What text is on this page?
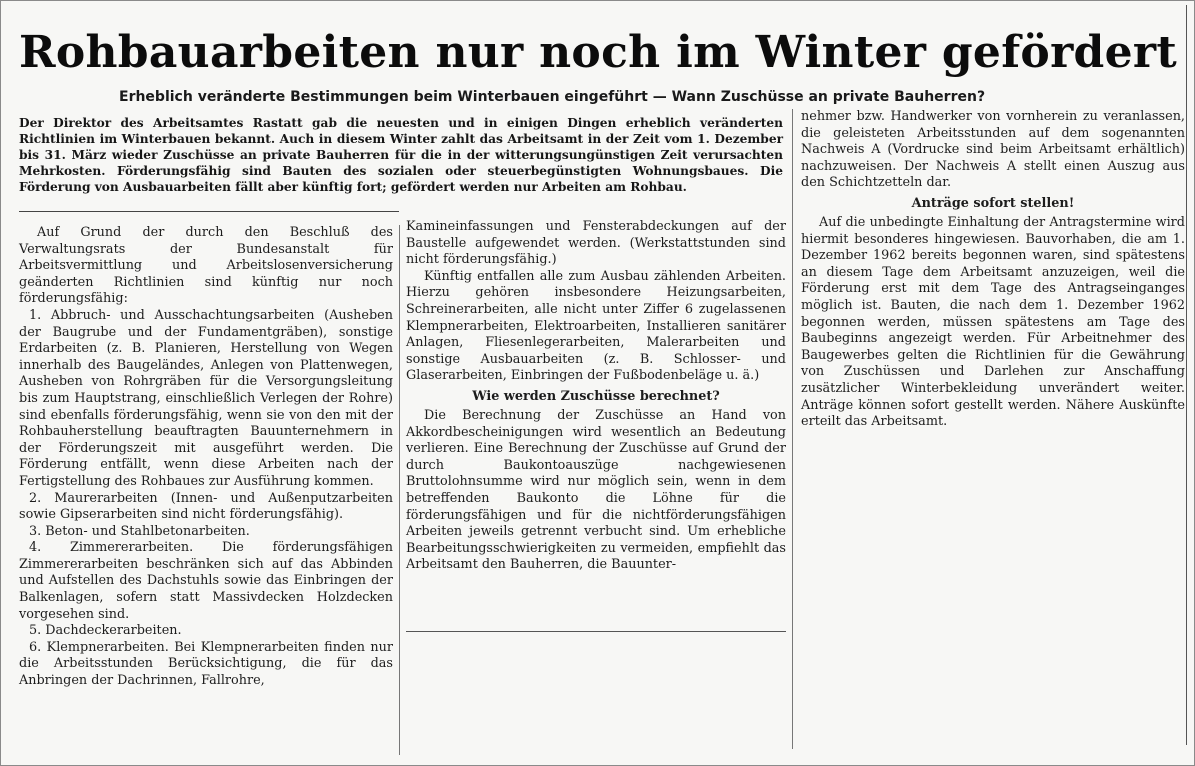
Rohbauarbeiten nur noch im Winter gefördert
Erheblich veränderte Bestimmungen beim Winterbauen eingeführt — Wann Zuschüsse an private Bauherren?

Der Direktor des Arbeitsamtes Rastatt gab die neuesten und in einigen Dingen erheblich veränderten Richtlinien im Winterbauen bekannt. Auch in diesem Winter zahlt das Arbeitsamt in der Zeit vom 1. Dezember bis 31. März wieder Zuschüsse an private Bauherren für die in der witterungsungünstigen Zeit verursachten Mehrkosten. Förderungsfähig sind Bauten des sozialen oder steuerbegünstigten Wohnungsbaues. Die Förderung von Ausbauarbeiten fällt aber künftig fort; gefördert werden nur Arbeiten am Rohbau.

Auf Grund der durch den Beschluß des Verwaltungsrats der Bundesanstalt für Arbeitsvermittlung und Arbeitslosenversicherung geänderten Richtlinien sind künftig nur noch förderungsfähig:

1. Abbruch- und Ausschachtungsarbeiten (Ausheben der Baugrube und der Fundamentgräben), sonstige Erdarbeiten (z. B. Planieren, Herstellung von Wegen innerhalb des Baugeländes, Anlegen von Plattenwegen, Ausheben von Rohrgräben für die Versorgungsleitung bis zum Hauptstrang, einschließlich Verlegen der Rohre) sind ebenfalls förderungsfähig, wenn sie von den mit der Rohbauherstellung beauftragten Bauunternehmern in der Förderungszeit mit ausgeführt werden. Die Förderung entfällt, wenn diese Arbeiten nach der Fertigstellung des Rohbaues zur Ausführung kommen.

2. Maurerarbeiten (Innen- und Außenputzarbeiten sowie Gipserarbeiten sind nicht förderungsfähig).

3. Beton- und Stahlbetonarbeiten.

4. Zimmererarbeiten. Die förderungsfähigen Zimmererarbeiten beschränken sich auf das Abbinden und Aufstellen des Dachstuhls sowie das Einbringen der Balkenlagen, sofern statt Massivdecken Holzdecken vorgesehen sind.

5. Dachdeckerarbeiten.

6. Klempnerarbeiten. Bei Klempnerarbeiten finden nur die Arbeitsstunden Berücksichtigung, die für das Anbringen der Dachrinnen, Fallrohre,

Kamineinfassungen und Fensterabdeckungen auf der Baustelle aufgewendet werden. (Werkstattstunden sind nicht förderungsfähig.)

Künftig entfallen alle zum Ausbau zählenden Arbeiten. Hierzu gehören insbesondere Heizungsarbeiten, Schreinerarbeiten, alle nicht unter Ziffer 6 zugelassenen Klempnerarbeiten, Elektroarbeiten, Installieren sanitärer Anlagen, Fliesenlegerarbeiten, Malerarbeiten und sonstige Ausbauarbeiten (z. B. Schlosser- und Glaserarbeiten, Einbringen der Fußbodenbeläge u. ä.)

Wie werden Zuschüsse berechnet?

Die Berechnung der Zuschüsse an Hand von Akkordbescheinigungen wird wesentlich an Bedeutung verlieren. Eine Berechnung der Zuschüsse auf Grund der durch Baukontoauszüge nachgewiesenen Bruttolohnsumme wird nur möglich sein, wenn in dem betreffenden Baukonto die Löhne für die förderungsfähigen und für die nichtförderungsfähigen Arbeiten jeweils getrennt verbucht sind. Um erhebliche Bearbeitungsschwierigkeiten zu vermeiden, empfiehlt das Arbeitsamt den Bauherren, die Bauunter-

nehmer bzw. Handwerker von vornherein zu veranlassen, die geleisteten Arbeitsstunden auf dem sogenannten Nachweis A (Vordrucke sind beim Arbeitsamt erhältlich) nachzuweisen. Der Nachweis A stellt einen Auszug aus den Schichtzetteln dar.

Anträge sofort stellen!

Auf die unbedingte Einhaltung der Antragstermine wird hiermit besonderes hingewiesen. Bauvorhaben, die am 1. Dezember 1962 bereits begonnen waren, sind spätestens an diesem Tage dem Arbeitsamt anzuzeigen, weil die Förderung erst mit dem Tage des Antragseinganges möglich ist. Bauten, die nach dem 1. Dezember 1962 begonnen werden, müssen spätestens am Tage des Baubeginns angezeigt werden. Für Arbeitnehmer des Baugewerbes gelten die Richtlinien für die Gewährung von Zuschüssen und Darlehen zur Anschaffung zusätzlicher Winterbekleidung unverändert weiter. Anträge können sofort gestellt werden. Nähere Auskünfte erteilt das Arbeitsamt.
